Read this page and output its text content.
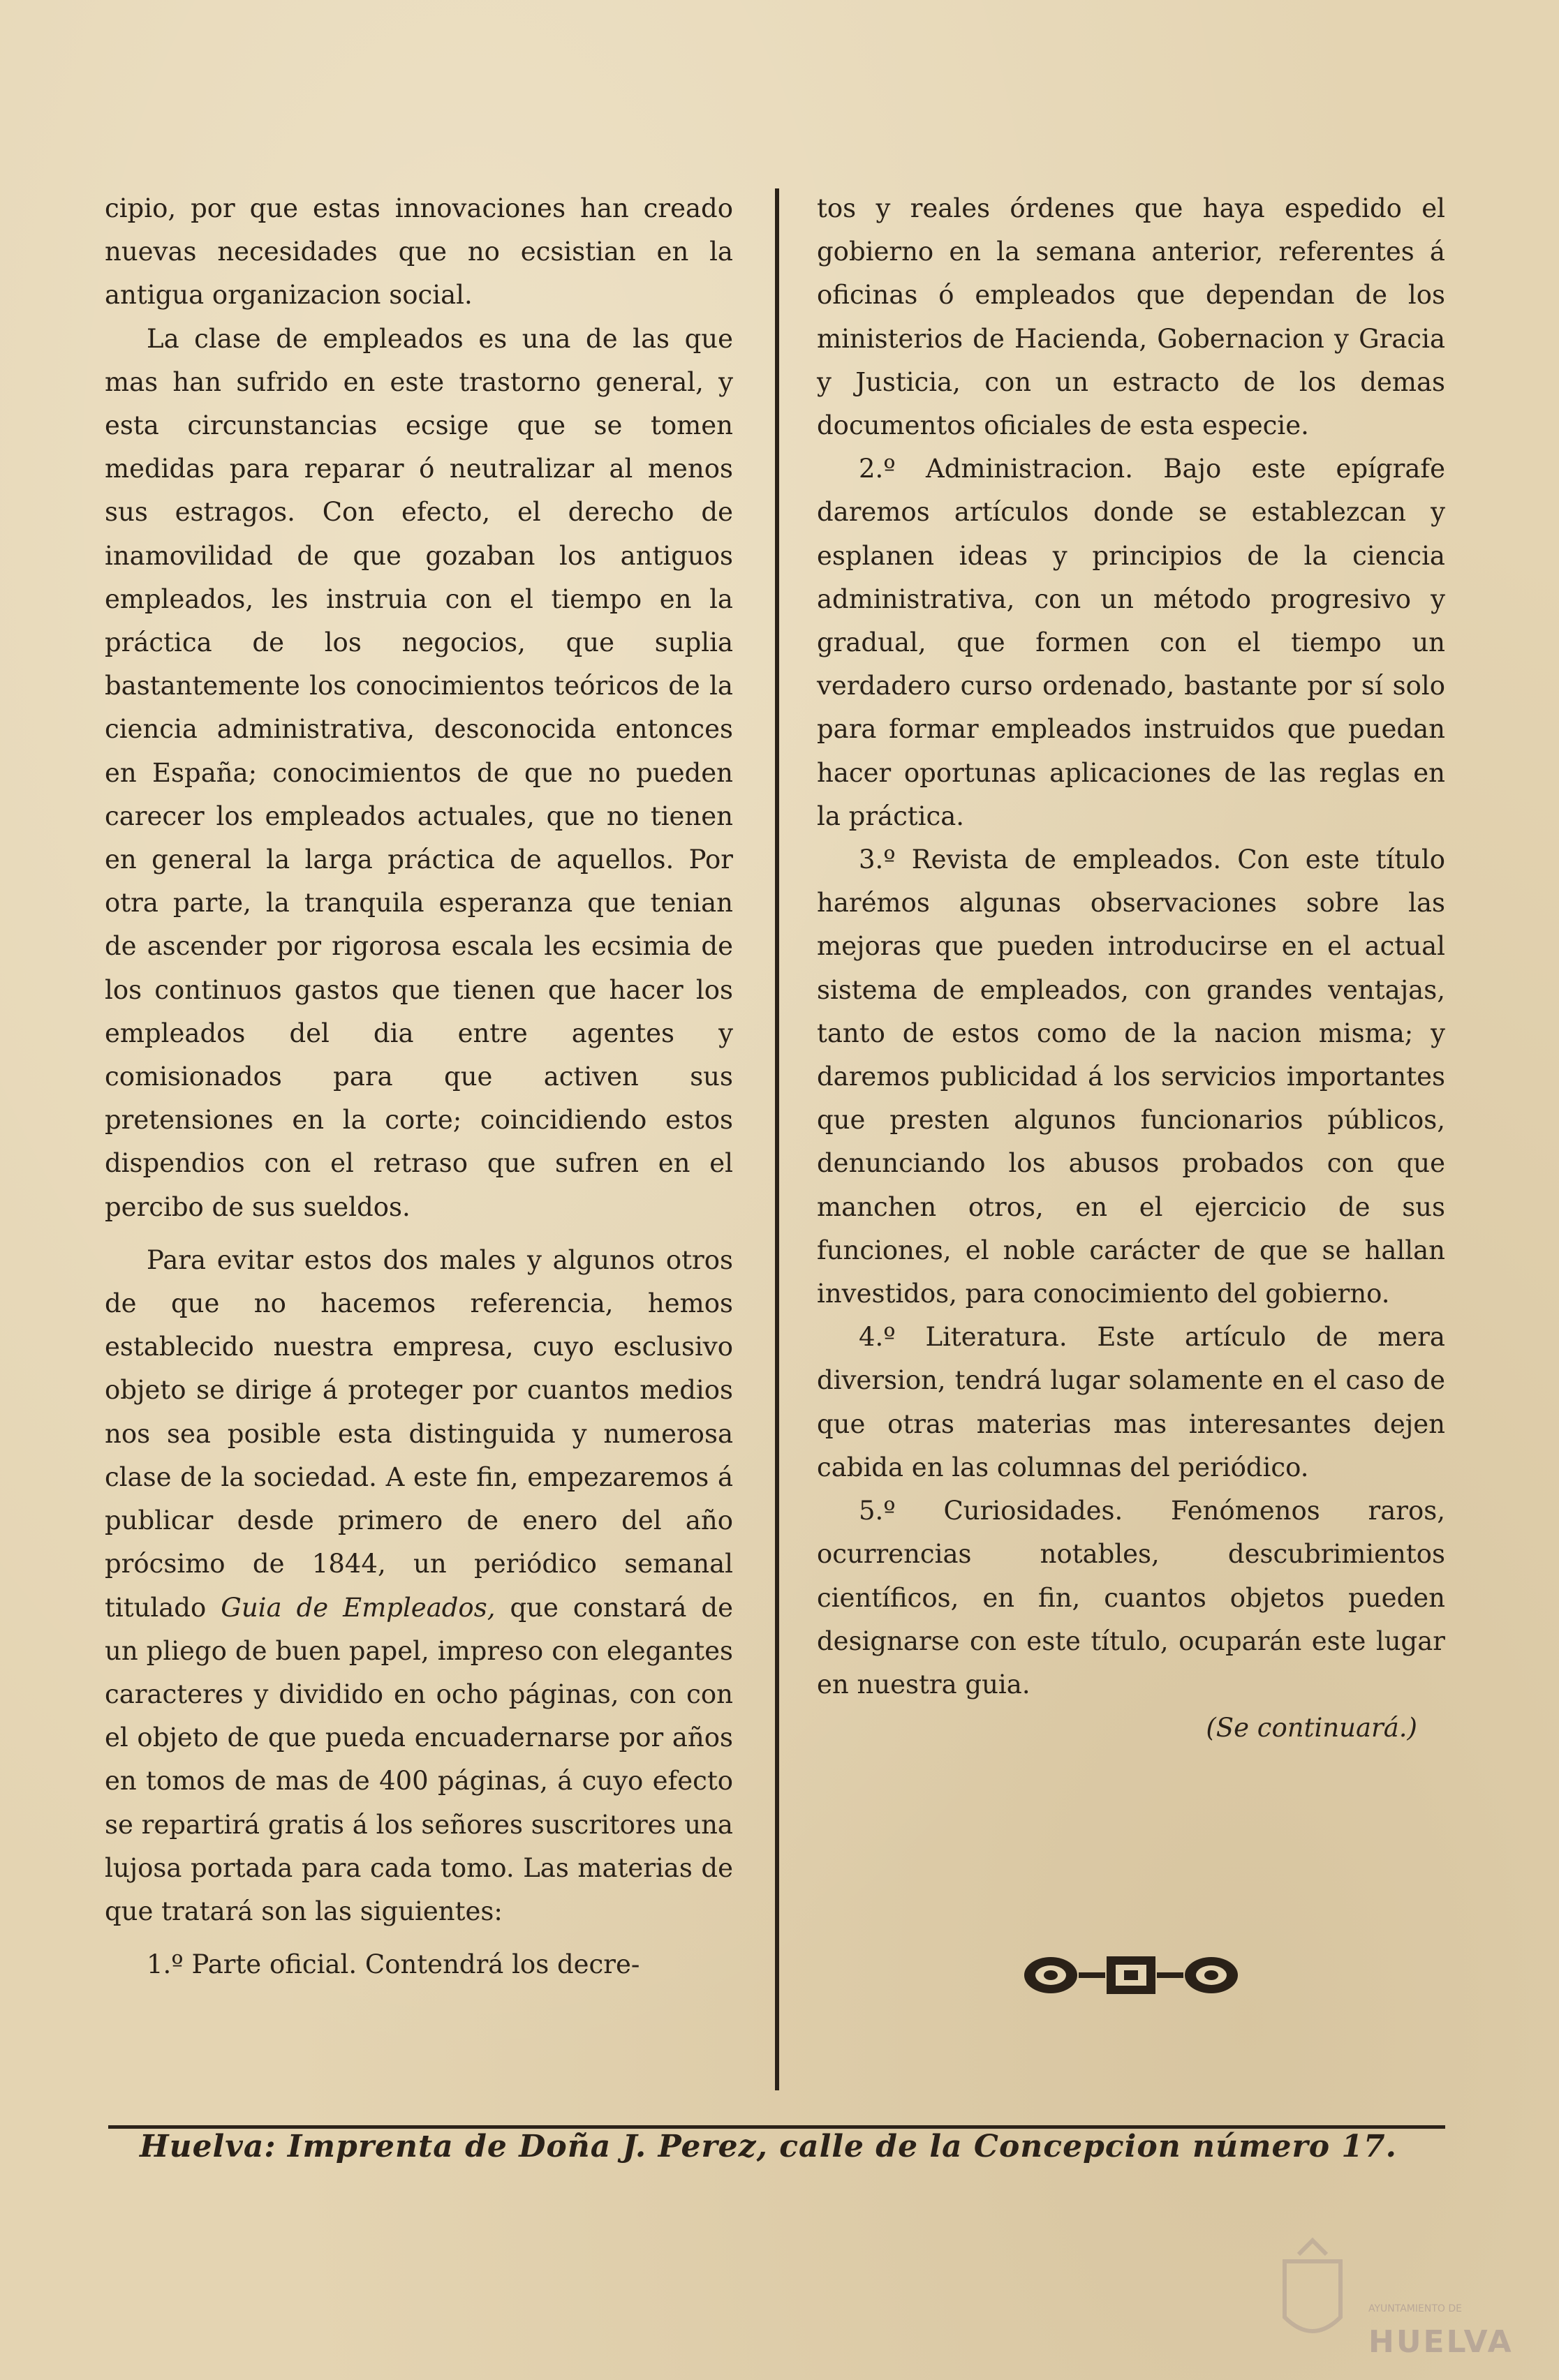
cipio, por que estas innovaciones han creado nuevas necesidades que no ecsistian en la antigua organizacion social.

La clase de empleados es una de las que mas han sufrido en este trastorno general, y esta circunstancias ecsige que se tomen medidas para reparar ó neutralizar al menos sus estragos. Con efecto, el derecho de inamovilidad de que gozaban los antiguos empleados, les instruia con el tiempo en la práctica de los negocios, que suplia bastantemente los conocimientos teóricos de la ciencia administrativa, desconocida entonces en España; conocimientos de que no pueden carecer los empleados actuales, que no tienen en general la larga práctica de aquellos. Por otra parte, la tranquila esperanza que tenian de ascender por rigorosa escala les ecsimia de los continuos gastos que tienen que hacer los empleados del dia entre agentes y comisionados para que activen sus pretensiones en la corte; coincidiendo estos dispendios con el retraso que sufren en el percibo de sus sueldos.

Para evitar estos dos males y algunos otros de que no hacemos referencia, hemos establecido nuestra empresa, cuyo esclusivo objeto se dirige á proteger por cuantos medios nos sea posible esta distinguida y numerosa clase de la sociedad. A este fin, empezaremos á publicar desde primero de enero del año prócsimo de 1844, un periódico semanal titulado Guia de Empleados, que constará de un pliego de buen papel, impreso con elegantes caracteres y dividido en ocho páginas, con con el objeto de que pueda encuadernarse por años en tomos de mas de 400 páginas, á cuyo efecto se repartirá gratis á los señores suscritores una lujosa portada para cada tomo. Las materias de que tratará son las siguientes:

1.º Parte oficial. Contendrá los decre-

tos y reales órdenes que haya espedido el gobierno en la semana anterior, referentes á oficinas ó empleados que dependan de los ministerios de Hacienda, Gobernacion y Gracia y Justicia, con un estracto de los demas documentos oficiales de esta especie.

2.º Administracion. Bajo este epígrafe daremos artículos donde se establezcan y esplanen ideas y principios de la ciencia administrativa, con un método progresivo y gradual, que formen con el tiempo un verdadero curso ordenado, bastante por sí solo para formar empleados instruidos que puedan hacer oportunas aplicaciones de las reglas en la práctica.

3.º Revista de empleados. Con este título harémos algunas observaciones sobre las mejoras que pueden introducirse en el actual sistema de empleados, con grandes ventajas, tanto de estos como de la nacion misma; y daremos publicidad á los servicios importantes que presten algunos funcionarios públicos, denunciando los abusos probados con que manchen otros, en el ejercicio de sus funciones, el noble carácter de que se hallan investidos, para conocimiento del gobierno.

4.º Literatura. Este artículo de mera diversion, tendrá lugar solamente en el caso de que otras materias mas interesantes dejen cabida en las columnas del periódico.

5.º Curiosidades. Fenómenos raros, ocurrencias notables, descubrimientos científicos, en fin, cuantos objetos pueden designarse con este título, ocuparán este lugar en nuestra guia.

(Se continuará.)

Huelva: Imprenta de Doña J. Perez, calle de la Concepcion número 17.
AYUNTAMIENTO DE
HUELVA
